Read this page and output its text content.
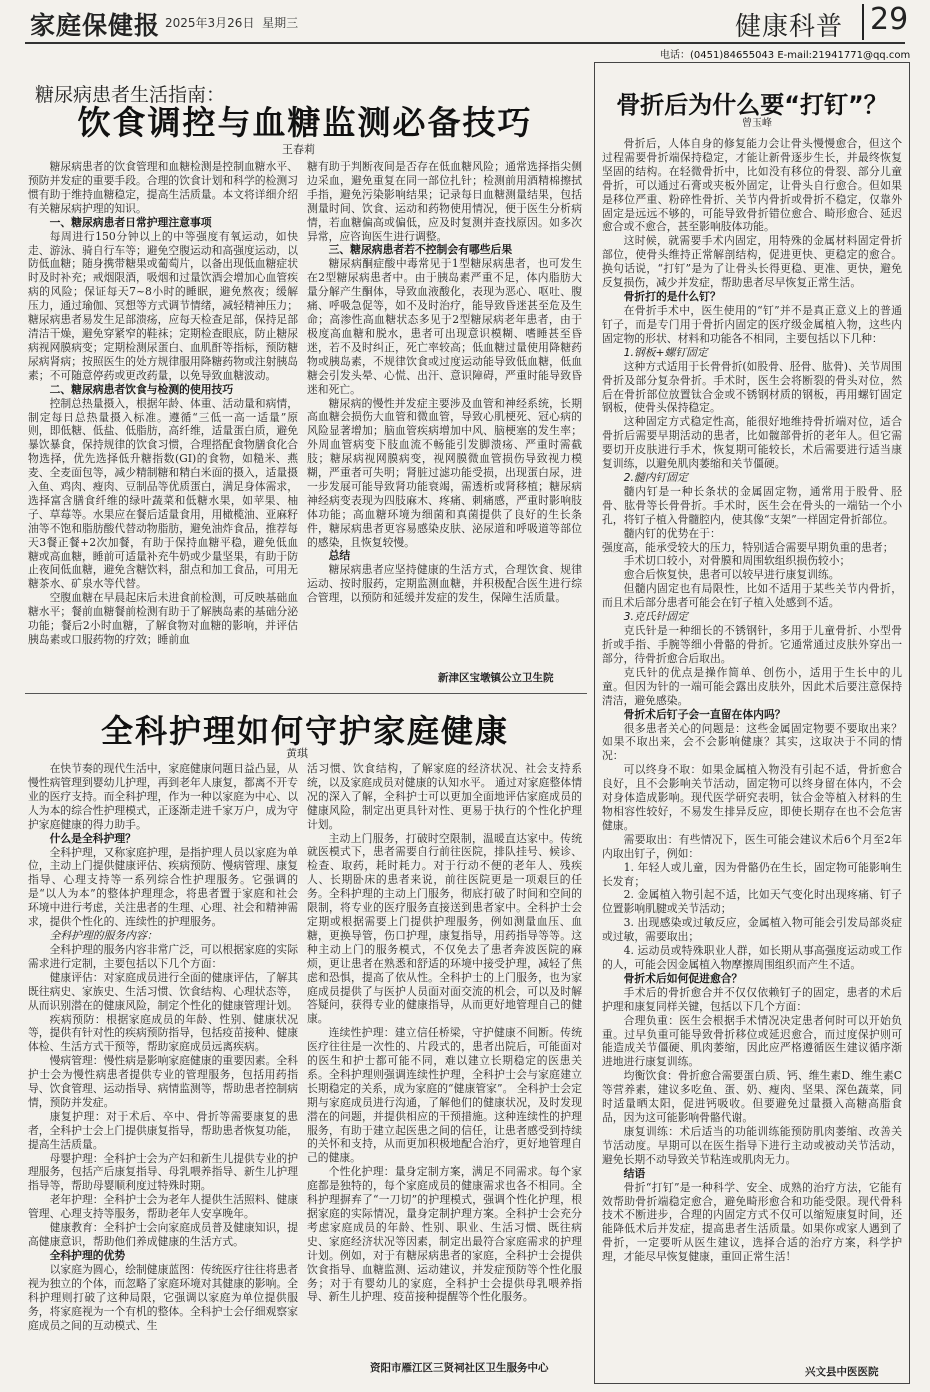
家庭保健报 2025年3月26日 星期三	健康科普 29
电话：(0451)84655043 E-mail:21941771@qq.com
糖尿病患者生活指南：
饮食调控与血糖监测必备技巧
王春莉
糖尿病患者的饮食管理和血糖检测是控制血糖水平、预防并发症的重要手段。合理的饮食计划和科学的检测习惯有助于维持血糖稳定，提高生活质量。本文将详细介绍有关糖尿病护理的知识。
一、糖尿病患者日常护理注意事项
每周进行150分钟以上的中等强度有氧运动，如快走、游泳、骑自行车等；避免空腹运动和高强度运动，以防低血糖；随身携带糖果或葡萄片，以备出现低血糖症状时及时补充；戒烟限酒，吸烟和过量饮酒会增加心血管疾病的风险；保证每天7~8小时的睡眠，避免熬夜；缓解压力，通过瑜伽、冥想等方式调节情绪，减轻精神压力；糖尿病患者易发生足部溃疡，应每天检查足部，保持足部清洁干燥，避免穿紧窄的鞋袜；定期检查眼底，防止糖尿病视网膜病变；定期检测尿蛋白、血肌酐等指标，预防糖尿病肾病；按照医生的处方规律服用降糖药物或注射胰岛素；不可随意停药或更改药量，以免导致血糖波动。
二、糖尿病患者饮食与检测的使用技巧
控制总热量摄入，根据年龄、体重、活动量和病情，制定每日总热量摄入标准。遵循“三低一高一适量”原则，即低糖、低盐、低脂肪，高纤维，适量蛋白质，避免暴饮暴食，保持规律的饮食习惯，合理搭配食物膳食化合物选择，优先选择低升糖指数(GI)的食物，如糙米、燕麦、全麦面包等，减少精制糖和精白米面的摄入，适量摄入鱼、鸡肉、瘦肉、豆制品等优质蛋白，满足身体需求，选择富含膳食纤维的绿叶蔬菜和低糖水果，如苹果、柚子、草莓等。水果应在餐后适量食用，用橄榄油、亚麻籽油等不饱和脂肪酸代替动物脂肪，避免油炸食品，推荐每天3餐正餐+2次加餐，有助于保持血糖平稳，避免低血糖或高血糖，睡前可适量补充牛奶或少量坚果，有助于防止夜间低血糖，避免含糖饮料，甜点和加工食品，可用无糖茶水、矿泉水等代替。
空腹血糖在早晨起床后未进食前检测，可反映基础血糖水平；餐前血糖餐前检测有助于了解胰岛素的基础分泌功能；餐后2小时血糖，了解食物对血糖的影响，并评估胰岛素或口服药物的疗效；睡前血
糖有助于判断夜间是否存在低血糖风险；通常选择指尖侧边采血，避免重复在同一部位扎针；检测前用酒精棉擦拭手指，避免污染影响结果；记录每日血糖测量结果，包括测量时间、饮食、运动和药物使用情况，便于医生分析病情，若血糖偏高或偏低，应及时复测并查找原因。如多次异常，应咨询医生进行调整。
三、糖尿病患者若不控制会有哪些后果
糖尿病酮症酸中毒常见于1型糖尿病患者，也可发生在2型糖尿病患者中。由于胰岛素严重不足，体内脂肪大量分解产生酮体，导致血液酸化，表现为恶心、呕吐、腹痛、呼吸急促等，如不及时治疗，能导致昏迷甚至危及生命；高渗性高血糖状态多见于2型糖尿病老年患者，由于极度高血糖和脱水，患者可出现意识模糊、嗜睡甚至昏迷，若不及时纠正，死亡率较高；低血糖过量使用降糖药物或胰岛素，不规律饮食或过度运动能导致低血糖，低血糖会引发头晕、心慌、出汗、意识障碍，严重时能导致昏迷和死亡。
糖尿病的慢性并发症主要涉及血管和神经系统，长期高血糖会损伤大血管和微血管，导致心肌梗死、冠心病的风险显著增加；脑血管疾病增加中风、脑梗塞的发生率；外周血管病变下肢血流不畅能引发脚溃疡、严重时需截肢；糖尿病视网膜病变，视网膜微血管损伤导致视力模糊，严重者可失明；肾脏过滤功能受损，出现蛋白尿，进一步发展可能导致肾功能衰竭，需透析或肾移植；糖尿病神经病变表现为四肢麻木、疼痛、刺痛感，严重时影响肢体功能；高血糖环境为细菌和真菌提供了良好的生长条件，糖尿病患者更容易感染皮肤、泌尿道和呼吸道等部位的感染，且恢复较慢。
总结
糖尿病患者应坚持健康的生活方式，合理饮食、规律运动、按时服药，定期监测血糖，并积极配合医生进行综合管理，以预防和延缓并发症的发生，保障生活质量。
新津区宝墩镇公立卫生院
全科护理如何守护家庭健康
黄琪
在快节奏的现代生活中，家庭健康问题日益凸显，从慢性病管理到婴幼儿护理，再到老年人康复，都离不开专业的医疗支持。而全科护理，作为一种以家庭为中心、以人为本的综合性护理模式，正逐渐走进千家万户，成为守护家庭健康的得力助手。
什么是全科护理？
全科护理，又称家庭护理，是指护理人员以家庭为单位，主动上门提供健康评估、疾病预防、慢病管理、康复指导、心理支持等一系列综合性护理服务。它强调的是“以人为本”的整体护理理念，将患者置于家庭和社会环境中进行考虑，关注患者的生理、心理、社会和精神需求，提供个性化的、连续性的护理服务。
全科护理的服务内容：
全科护理的服务内容非常广泛，可以根据家庭的实际需求进行定制，主要包括以下几个方面：
健康评估：对家庭成员进行全面的健康评估，了解其既往病史、家族史、生活习惯、饮食结构、心理状态等，从而识别潜在的健康风险，制定个性化的健康管理计划。
疾病预防：根据家庭成员的年龄、性别、健康状况等，提供有针对性的疾病预防指导，包括疫苗接种、健康体检、生活方式干预等，帮助家庭成员远离疾病。
慢病管理：慢性病是影响家庭健康的重要因素。全科护士会为慢性病患者提供专业的管理服务，包括用药指导、饮食管理、运动指导、病情监测等，帮助患者控制病情，预防并发症。
康复护理：对于术后、卒中、骨折等需要康复的患者，全科护士会上门提供康复指导，帮助患者恢复功能，提高生活质量。
母婴护理：全科护士会为产妇和新生儿提供专业的护理服务，包括产后康复指导、母乳喂养指导、新生儿护理指导等，帮助母婴顺利度过特殊时期。
老年护理：全科护士会为老年人提供生活照料、健康管理、心理支持等服务，帮助老年人安享晚年。
健康教育：全科护士会向家庭成员普及健康知识，提高健康意识，帮助他们养成健康的生活方式。
全科护理的优势
以家庭为圆心，绘制健康蓝图：传统医疗往往将患者视为独立的个体，而忽略了家庭环境对其健康的影响。全科护理则打破了这种局限，它强调以家庭为单位提供服务，将家庭视为一个有机的整体。全科护士会仔细观察家庭成员之间的互动模式、生
活习惯、饮食结构，了解家庭的经济状况、社会支持系统，以及家庭成员对健康的认知水平。 通过对家庭整体情况的深入了解，全科护士可以更加全面地评估家庭成员的健康风险，制定出更具针对性、更易于执行的个性化护理计划。
主动上门服务，打破时空限制，温暖直达家中。传统就医模式下，患者需要自行前往医院，排队挂号、候诊、检查、取药，耗时耗力。对于行动不便的老年人、残疾人、长期卧床的患者来说，前往医院更是一项艰巨的任务。全科护理的主动上门服务，彻底打破了时间和空间的限制，将专业的医疗服务直接送到患者家中。全科护士会定期或根据需要上门提供护理服务，例如测量血压、血糖，更换导管，伤口护理，康复指导，用药指导等等。这种主动上门的服务模式，不仅免去了患者奔波医院的麻烦，更让患者在熟悉和舒适的环境中接受护理，减轻了焦虑和恐惧，提高了依从性。全科护士的上门服务，也为家庭成员提供了与医护人员面对面交流的机会，可以及时解答疑问，获得专业的健康指导，从而更好地管理自己的健康。
连续性护理：建立信任桥梁，守护健康不间断。传统医疗往往是一次性的、片段式的，患者出院后，可能面对的医生和护士都可能不同，难以建立长期稳定的医患关系。全科护理则强调连续性护理，全科护士会与家庭建立长期稳定的关系，成为家庭的“健康管家”。 全科护士会定期与家庭成员进行沟通，了解他们的健康状况，及时发现潜在的问题，并提供相应的干预措施。这种连续性的护理服务，有助于建立起医患之间的信任，让患者感受到持续的关怀和支持，从而更加积极地配合治疗，更好地管理自己的健康。
个性化护理：量身定制方案，满足不同需求。每个家庭都是独特的，每个家庭成员的健康需求也各不相同。全科护理摒弃了“一刀切”的护理模式，强调个性化护理，根据家庭的实际情况，量身定制护理方案。全科护士会充分考虑家庭成员的年龄、性别、职业、生活习惯、既往病史、家庭经济状况等因素，制定出最符合家庭需求的护理计划。例如，对于有糖尿病患者的家庭，全科护士会提供饮食指导、血糖监测、运动建议，并发症预防等个性化服务；对于有婴幼儿的家庭，全科护士会提供母乳喂养指导、新生儿护理、疫苗接种提醒等个性化服务。
资阳市雁江区三贤祠社区卫生服务中心
骨折后为什么要“打钉”？
曾玉峰
骨折后，人体自身的修复能力会让骨头慢慢愈合，但这个过程需要骨折端保持稳定，才能让新骨逐步生长，并最终恢复坚固的结构。在轻微骨折中，比如没有移位的骨裂、部分儿童骨折，可以通过石膏或夹板外固定，让骨头自行愈合。但如果是移位严重、粉碎性骨折、关节内骨折或骨折不稳定，仅靠外固定是远远不够的，可能导致骨折错位愈合、畸形愈合、延迟愈合或不愈合，甚至影响肢体功能。
这时候，就需要手术内固定，用特殊的金属材料固定骨折部位，使骨头维持正常解剖结构，促进更快、更稳定的愈合。换句话说，“打钉”是为了让骨头长得更稳、更准、更快，避免反复损伤，减少并发症，帮助患者尽早恢复正常生活。
骨折打的是什么钉？
在骨折手术中，医生使用的“钉”并不是真正意义上的普通钉子，而是专门用于骨折内固定的医疗级金属植入物，这些内固定物的形状、材料和功能各不相同，主要包括以下几种：
1.钢板+螺钉固定
这种方式适用于长骨骨折(如股骨、胫骨、肱骨)、关节周围骨折及部分复杂骨折。手术时，医生会将断裂的骨头对位，然后在骨折部位放置钛合金或不锈钢材质的钢板，再用螺钉固定钢板，使骨头保持稳定。
这种固定方式稳定性高，能很好地维持骨折端对位，适合骨折后需要早期活动的患者，比如髋部骨折的老年人。但它需要切开皮肤进行手术，恢复期可能较长，术后需要进行适当康复训练，以避免肌肉萎缩和关节僵硬。
2.髓内钉固定
髓内钉是一种长条状的金属固定物，通常用于股骨、胫骨、肱骨等长骨骨折。手术时，医生会在骨头的一端钻一个小孔，将钉子植入骨髓腔内，使其像“支架”一样固定骨折部位。
髓内钉的优势在于：
强度高，能承受较大的压力，特别适合需要早期负重的患者；
手术切口较小，对骨膜和周围软组织损伤较小；
愈合后恢复快，患者可以较早进行康复训练。
但髓内固定也有局限性，比如不适用于某些关节内骨折，而且术后部分患者可能会在钉子植入处感到不适。
3.克氏针固定
克氏针是一种细长的不锈钢针，多用于儿童骨折、小型骨折或手指、手腕等细小骨骼的骨折。它通常通过皮肤外穿出一部分，待骨折愈合后取出。
克氏针的优点是操作简单、创伤小，适用于生长中的儿童。但因为针的一端可能会露出皮肤外，因此术后要注意保持清洁，避免感染。
骨折术后钉子会一直留在体内吗？
很多患者关心的问题是：这些金属固定物要不要取出来？如果不取出来，会不会影响健康？其实，这取决于不同的情况：
可以终身不取：如果金属植入物没有引起不适，骨折愈合良好，且不会影响关节活动，固定物可以终身留在体内，不会对身体造成影响。现代医学研究表明，钛合金等植入材料的生物相容性较好，不易发生排异反应，即使长期存在也不会危害健康。
需要取出：有些情况下，医生可能会建议术后6个月至2年内取出钉子，例如：
1. 年轻人或儿童，因为骨骼仍在生长，固定物可能影响生长发育；
2. 金属植入物引起不适，比如天气变化时出现疼痛、钉子位置影响肌腱或关节活动；
3. 出现感染或过敏反应，金属植入物可能会引发局部炎症或过敏，需要取出；
4. 运动员或特殊职业人群，如长期从事高强度运动或工作的人，可能会因金属植入物摩擦周围组织而产生不适。
骨折术后如何促进愈合？
手术后的骨折愈合并不仅仅依赖钉子的固定，患者的术后护理和康复同样关键，包括以下几个方面：
合理负重：医生会根据手术情况决定患者何时可以开始负重。过早负重可能导致骨折移位或延迟愈合，而过度保护则可能造成关节僵硬、肌肉萎缩，因此应严格遵循医生建议循序渐进地进行康复训练。
均衡饮食：骨折愈合需要蛋白质、钙、维生素D、维生素C等营养素，建议多吃鱼、蛋、奶、瘦肉、坚果、深色蔬菜，同时适量晒太阳，促进钙吸收。但要避免过量摄入高糖高脂食品，因为这可能影响骨骼代谢。
康复训练：术后适当的功能训练能预防肌肉萎缩、改善关节活动度。早期可以在医生指导下进行主动或被动关节活动，避免长期不动导致关节粘连或肌肉无力。
结语
骨折“打钉”是一种科学、安全、成熟的治疗方法，它能有效帮助骨折端稳定愈合，避免畸形愈合和功能受限。现代骨科技术不断进步，合理的内固定方式不仅可以缩短康复时间，还能降低术后并发症，提高患者生活质量。如果你或家人遇到了骨折，一定要听从医生建议，选择合适的治疗方案，科学护理，才能尽早恢复健康，重回正常生活！
兴文县中医医院
